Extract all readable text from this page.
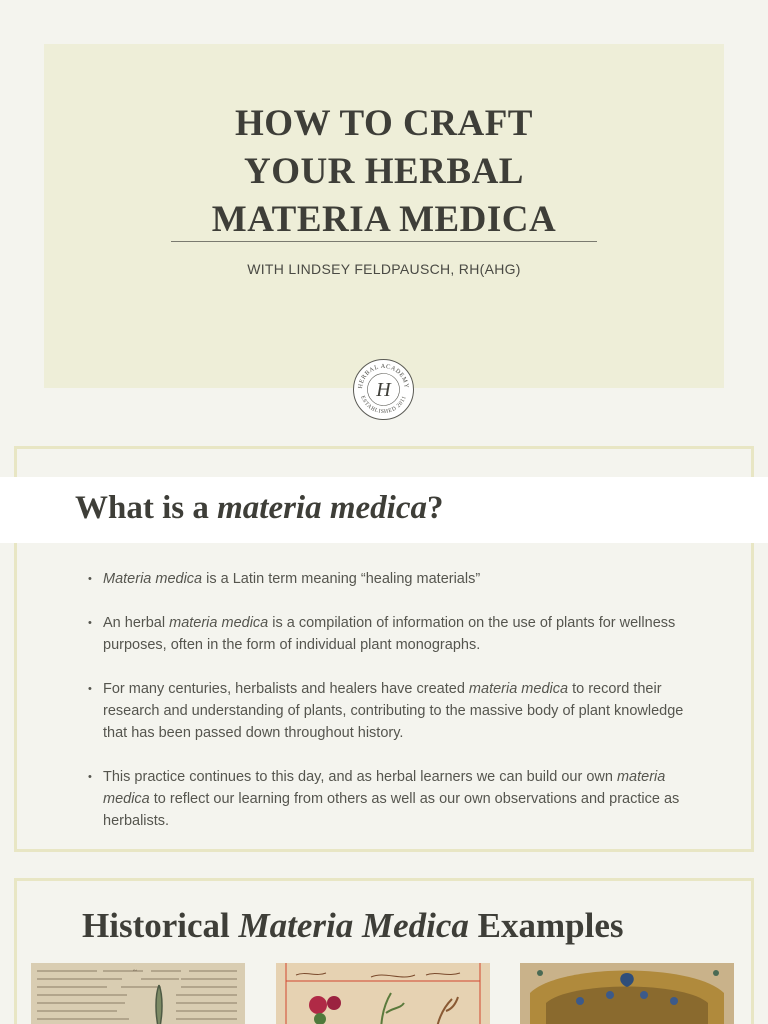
HOW TO CRAFT
YOUR HERBAL
MATERIA MEDICA
WITH LINDSEY FELDPAUSCH, RH(AHG)
HERBAL ACADEMY
ESTABLISHED 2011
H
What is a materia medica?
• Materia medica is a Latin term meaning “healing materials”
• An herbal materia medica is a compilation of information on the use of plants for wellness purposes, often in the form of individual plant monographs.
• For many centuries, herbalists and healers have created materia medica to record their research and understanding of plants, contributing to the massive body of plant knowledge that has been passed down throughout history.
• This practice continues to this day, and as herbal learners we can build our own materia medica to reflect our learning from others as well as our own observations and practice as herbalists.
Historical Materia Medica Examples
~
